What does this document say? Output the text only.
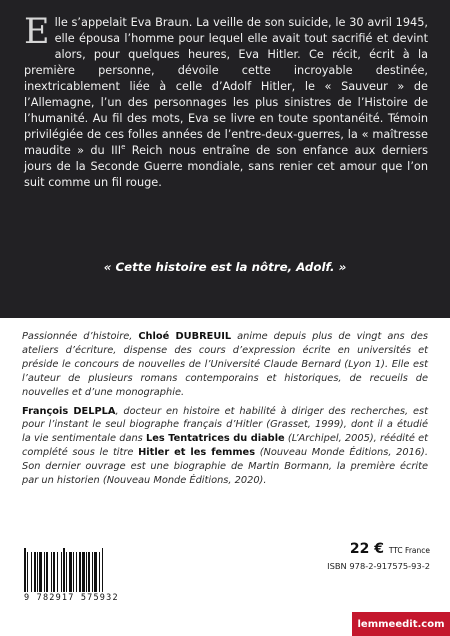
Elle s’appelait Eva Braun. La veille de son suicide, le 30 avril 1945, elle épousa l’homme pour lequel elle avait tout sacrifié et devint alors, pour quelques heures, Eva Hitler. Ce récit, écrit à la première personne, dévoile cette incroyable destinée, inextricablement liée à celle d’Adolf Hitler, le « Sauveur » de l’Allemagne, l’un des personnages les plus sinistres de l’Histoire de l’humanité. Au fil des mots, Eva se livre en toute spontanéité. Témoin privilégiée de ces folles années de l’entre-deux-guerres, la « maîtresse maudite » du IIIe Reich nous entraîne de son enfance aux derniers jours de la Seconde Guerre mondiale, sans renier cet amour que l’on suit comme un fil rouge.
« Cette histoire est la nôtre, Adolf. »

Passionnée d’histoire, Chloé DUBREUIL anime depuis plus de vingt ans des ateliers d’écriture, dispense des cours d’expression écrite en universités et préside le concours de nouvelles de l’Université Claude Bernard (Lyon 1). Elle est l’auteur de plusieurs romans contemporains et historiques, de recueils de nouvelles et d’une monographie.

François DELPLA, docteur en histoire et habilité à diriger des recherches, est pour l’instant le seul biographe français d’Hitler (Grasset, 1999), dont il a étudié la vie sentimentale dans Les Tentatrices du diable (L’Archipel, 2005), réédité et complété sous le titre Hitler et les femmes (Nouveau Monde Éditions, 2016). Son dernier ouvrage est une biographie de Martin Bormann, la première écrite par un historien (Nouveau Monde Éditions, 2020).

9 782917 575932
22 € TTC France
ISBN 978-2-917575-93-2
lemmeedit.com
